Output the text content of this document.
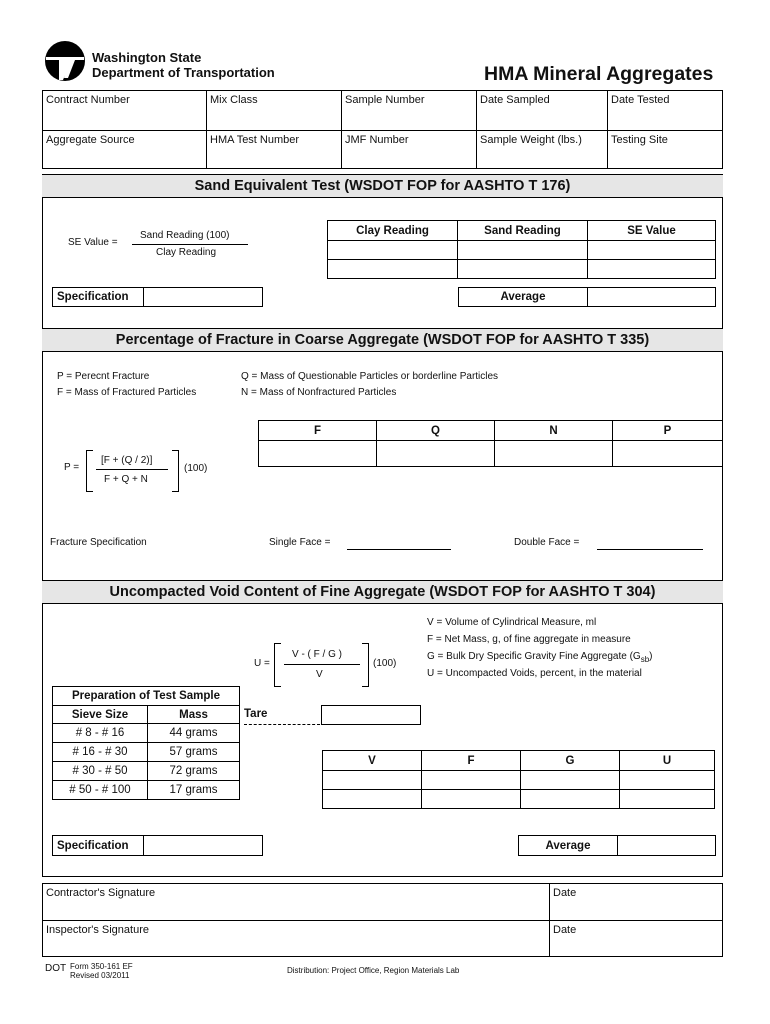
Washington State
Department of Transportation	HMA Mineral Aggregates
Contract Number	Mix Class	Sample Number	Date Sampled	Date Tested
Aggregate Source	HMA Test Number	JMF Number	Sample Weight (lbs.)	Testing Site
Sand Equivalent Test (WSDOT FOP for AASHTO T 176)
SE Value =
Sand Reading (100)
Clay Reading
Clay Reading	Sand Reading	SE Value

Specification		Average	
Percentage of Fracture in Coarse Aggregate (WSDOT FOP for AASHTO T 335)
P = Perecnt Fracture
F = Mass of Fractured Particles
Q = Mass of Questionable Particles or borderline Particles
N = Mass of Nonfractured Particles
P =
[F + (Q / 2)]
F + Q + N
(100)
F	Q	N	P

Fracture Specification	Single Face =	Double Face =
Uncompacted Void Content of Fine Aggregate (WSDOT FOP for AASHTO T 304)
V = Volume of Cylindrical Measure, ml
F = Net Mass, g, of fine aggregate in measure
G = Bulk Dry Specific Gravity Fine Aggregate $(G_{sb})$
U = Uncompacted Voids, percent, in the material
U =
V - ( F / G )
V
(100)
Preparation of Test Sample	
Sieve Size	Mass
# 8 - # 16	44 grams
# 16 - # 30	57 grams
# 30 - # 50	72 grams
# 50 - # 100	17 grams
Tare
V	F	G	U

Specification		Average	
Contractor's Signature	Date
Inspector's Signature	Date
DOT Form 350-161 EF
Revised 03/2011
Distribution: Project Office, Region Materials Lab
